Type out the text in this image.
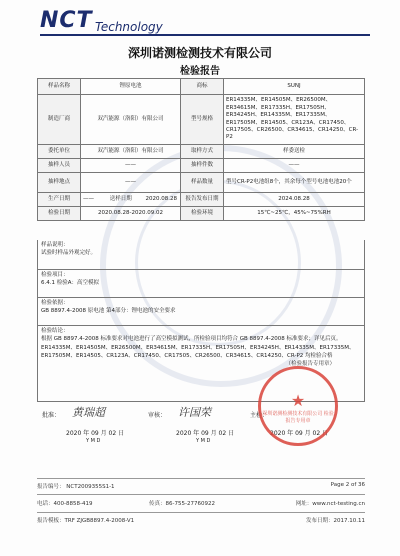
NCT Technology
深圳诺测检测技术有限公司
检验报告
样品名称	锂原电池	商标	SUNJ
制造厂商	双汽能源（洛阳）有限公司	型号规格	ER14335M、ER14505M、ER26500M、ER34615M、ER17335H、ER17505H、ER34245H、ER14335M、ER17335M、ER17505M、ER14505、CR123A、CR17450、CR17505、CR26500、CR34615、CR14250、CR-P2
委托单位	双汽能源（洛阳）有限公司	取样方式	样委送检
抽样人员	——	抽样件数	——
抽样地点	——	样品数量	型号CR-P2电池组8个，其余每个型号电池电池20个
生产日期	—— 送样日期 2020.08.28	报告发布日期	2024.08.28
检验日期	2020.08.28-2020.09.02	检验环境	15℃~25℃，45%~75%RH
样品说明：
试验时样品外观完好。
检验项目：
6.4.1 检验A：高空模拟
检验依据：
GB 8897.4-2008 原电池 第4部分：锂电池的安全要求
检验结论：
根据 GB 8897.4-2008 标准要求对电池进行了高空模拟测试，所检验项目均符合 GB 8897.4-2008 标准要求；详见后页。
ER14335M、ER14505M、ER26500M、ER34615M、ER17335H、ER17505H、ER34245H、ER14335M、ER17335M、ER17505M、ER14505、CR123A、CR17450、CR17505、CR26500、CR34615、CR14250、CR-P2 均检验合格
（检验报告专用章）
批准： 黄瑞超	审核： 许国荣	主检：
2020 年 09 月 02 日	2020 年 09 月 02 日	2020 年 09 月 02 日
Y M D	Y M D
★
深圳诺测检测技术有限公司 检验报告专用章
报告编号： NCT2009355S1-1	Page 2 of 36
电话：400-8858-419	传真：86-755-27760922	网址：www.nct-testing.cn
报告模板：TRF ZJGB8897.4-2008-V1	发布日期：2017.10.11
